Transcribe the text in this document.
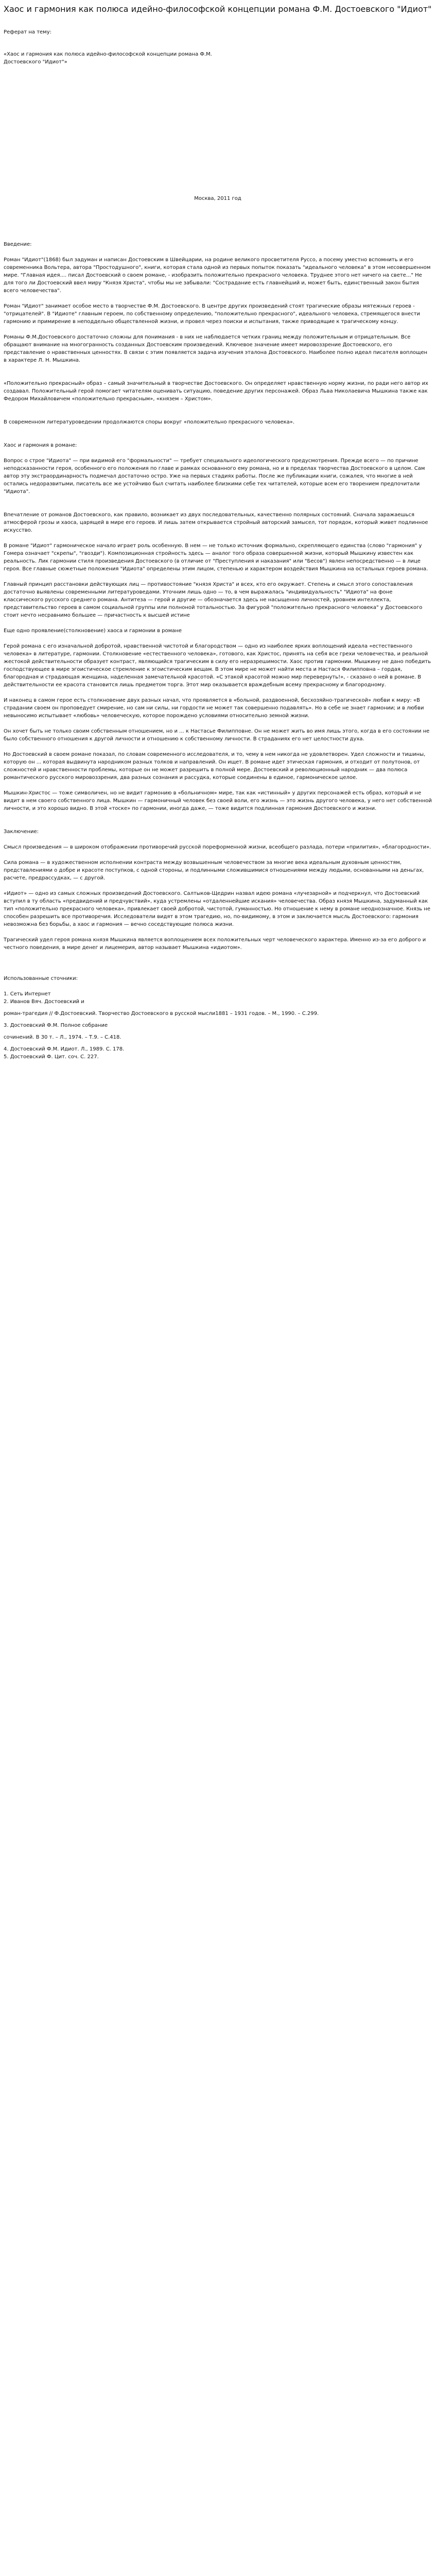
Хаос и гармония как полюса идейно-философской концепции романа Ф.М. Достоевского "Идиот"
Реферат на тему:

«Хаос и гармония как полюса идейно-философской концепции романа Ф.М.

Достоевского "Идиот"»

Москва, 2011 год
Введение:

Роман "Идиот"(1868) был задуман и написан Достоевским в Швейцарии, на родине великого просветителя Руссо, а посему уместно вспомнить и его современника Вольтера, автора "Простодушного", книги, которая стала одной из первых попыток показать "идеального человека" в этом несовершенном мире. "Главная идея.... писал Достоевский о своем романе, - изобразить положительно прекрасного человека. Труднее этого нет ничего на свете..." Не для того ли Достоевский ввел миру "Князя Христа", чтобы мы не забывали: "Сострадание есть главнейший и, может быть, единственный закон бытия всего человечества".

Роман "Идиот" занимает особое место в творчестве Ф.М. Достоевского. В центре других произведений стоят трагические образы мятежных героев - "отрицателей". В "Идиоте" главным героем, по собственному определению, "положительно прекрасного", идеального человека, стремящегося внести гармонию и примирение в неподдельно обществленной жизни, и провел через поиски и испытания, также приводящие к трагическому концу.

Романы Ф.М.Достоевского достаточно сложны для понимания - в них не наблюдается четких границ между положительным и отрицательным. Все обращают внимание на многогранность созданных Достоевским произведений. Ключевое значение имеет мировоззрение Достоевского, его представление о нравственных ценностях. В связи с этим появляется задача изучения эталона Достоевского. Наиболее полно идеал писателя воплощен в характере Л. Н. Мышкина.

«Положительно прекрасный» образ – самый значительный в творчестве Достоевского. Он определяет нравственную норму жизни, по ради него автор их создавал. Положительный герой помогает читателям оценивать ситуацию, поведение других персонажей. Образ Льва Николаевича Мышкина также как Федором Михайловичем «положительно прекрасным», «князем – Христом».

В современном литературоведении продолжаются споры вокруг «положительно прекрасного человека».

Хаос и гармония в романе:

Вопрос о строе "Идиота" — при видимой его "формальности" — требует специального идеологического предусмотрения. Прежде всего — по причине неподсказанности героя, особенного его положения по главе и рамках основанного ему романа, но и в пределах творчества Достоевского в целом. Сам автор эту экстраординарность подмечал достаточно остро. Уже на первых стадиях работы. После же публикации книги, сожалея, что многие в ней остались недоразвитыми, писатель все же устойчиво был считать наиболее близкими себе тех читателей, которые всем его творением предпочитали "Идиота".

Впечатление от романов Достоевского, как правило, возникает из двух последовательных, качественно полярных состояний. Сначала заражаешься атмосферой грозы и хаоса, царящей в мире его героев. И лишь затем открывается стройный авторский замысел, тот порядок, который живет подлинное искусство.

В романе "Идиот" гармоническое начало играет роль особенную. В нем — не только источник формально, скрепляющего единства (слово "гармония" у Гомера означает "скрепы", "гвозди"). Композиционная стройность здесь — аналог того образа совершенной жизни, который Мышкину известен как реальность. Лик гармонии стиля произведения Достоевского (в отличие от "Преступления и наказания" или "Бесов") явлен непосредственно — в лице героя. Все главные сюжетные положения "Идиота" определены этим лицом, степенью и характером воздействия Мышкина на остальных героев романа.

Главный принцип расстановки действующих лиц — противостояние "князя Христа" и всех, кто его окружает. Степень и смысл этого сопоставления достаточно выявлены современными литературоведами. Уточним лишь одно — то, в чем выражалась "индивидуальность" "Идиота" на фоне классического русского среднего романа. Антитеза — герой и другие — обозначается здесь не насыщенно личностей, уровнем интеллекта, представительство героев в самом социальной группы или полноной тотальностью. За фигурой "положительно прекрасного человека" у Достоевского стоит нечто несравнимо большее — причастность к высшей истине

Еще одно проявление(столкновение) хаоса и гармонии в романе

Герой романа с его изначальной добротой, нравственной чистотой и благородством — одно из наиболее ярких воплощений идеала «естественного человека» в литературе, гармонии. Столкновение «естественного человека», готового, как Христос, принять на себя все грехи человечества, и реальной жестокой действительности образует контраст, являющийся трагическим в силу его неразрешимости. Хаос против гармонии. Мышкину не дано победить господствующее в мире эгоистическое стремление к эгоистическим вещам. В этом мире не может найти места и Настася Филипповна – гордая, благородная и страдающая женщина, наделенная замечательной красотой. «С этакой красотой можно мир перевернуть!», - сказано о ней в романе. В действительности ее красота становится лишь предметом торга. Этот мир оказывается враждебным всему прекрасному и благородному.

И наконец в самом герое есть столкновение двух разных начал, что проявляется в «больной, раздвоенной, бесхозяйно-трагической» любви к миру: «В страдании своем он проповедует смирение, но сам ни силы, ни гордости не может так совершенно подавлять». Но в себе не знает гармонии; и в любви невыносимо испытывает «любовь» человеческую, которое порождено условиями относительно земной жизни.

Он хочет быть не только своим собственным отношением, но и ... к Настасье Филипповне. Он не может жить во имя лишь этого, когда в его состоянии не было собственного отношения к другой личности и отношению к собственному личности. В страданиях его нет целостности духа.

Но Достоевский в своем романе показал, по словам современного исследователя, и то, чему в нем никогда не удовлетворен. Удел сложности и тишины, которую он ... которая выдвинута народником разных толков и направлений. Он ищет. В романе идет этическая гармония, и отходит от полутонов, от сложностей и нравственности проблемы, которые он не может разрешить в полной мере. Достоевский и революционный народник — два полюса романтического русского мировоззрения, два разных сознания и рассудка, которые соединены в единое, гармоническое целое.

Мышкин-Христос — тоже символичен, но не видит гармонию в «больничном» мире, так как «истинный» у других персонажей есть образ, который и не видит в нем своего собственного лица. Мышкин — гармоничный человек без своей воли, его жизнь — это жизнь другого человека, у него нет собственной личности, и это хорошо видно. В этой «тоске» по гармонии, иногда даже, — тоже видится подлинная гармония Достоевского и жизни.

Заключение:

Смысл произведения — в широком отображении противоречий русской пореформенной жизни, всеобщего разлада, потери «прилития», «благородности».

Сила романа — в художественном исполнении контраста между возвышенным человечеством за многие века идеальным духовным ценностям, представлениями о добре и красоте поступков, с одной стороны, и подлинными сложившимися отношениями между людьми, основанными на деньгах, расчете, предрассудках, — с другой.

«Идиот» — одно из самых сложных произведений Достоевского. Салтыков-Щедрин назвал идею романа «лучезарной» и подчеркнул, что Достоевский вступил в ту область «предвидений и предчувствий», куда устремлены «отдаленнейшие искания» человечества. Образ князя Мышкина, задуманный как тип «положительно прекрасного человека», привлекает своей добротой, чистотой, гуманностью. Но отношение к нему в романе неоднозначное. Князь не способен разрешить все противоречия. Исследователи видят в этом трагедию, но, по-видимому, в этом и заключается мысль Достоевского: гармония невозможна без борьбы, а хаос и гармония — вечно соседствующие полюса жизни.

Трагический удел героя романа князя Мышкина является воплощением всех положительных черт человеческого характера. Именно из-за его доброго и честного поведения, в мире денег и лицемерия, автор называет Мышкина «идиотом».

Использованные сточники:
1. Сеть Интернет
2. Иванов Вяч. Достоевский и
роман-трагедия // Ф.Достоевский. Творчество Достоевского в русской мысли1881 – 1931 годов. – М., 1990. – С.299.
3. Достоевский Ф.М. Полное собрание
сочинений. В 30 т. – Л., 1974. – Т.9. – С.418.
4. Достоевский Ф.М. Идиот. Л., 1989. С. 178.
5. Достоевский Ф. Цит. соч. С. 227.
